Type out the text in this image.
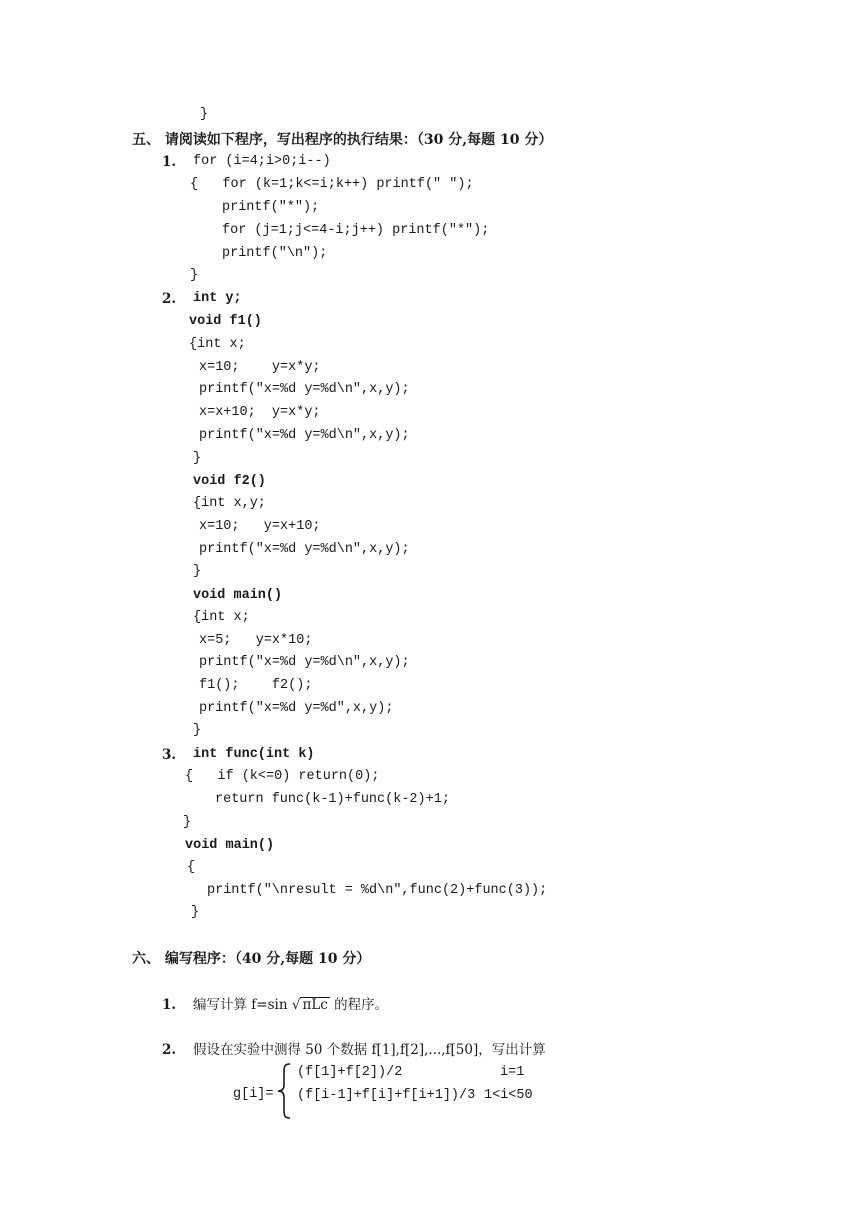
}
五、 请阅读如下程序，写出程序的执行结果：（30 分,每题 10 分）
1. for (i=4;i>0;i--)
{   for (k=1;k<=i;k++) printf(" ");
printf("*");
for (j=1;j<=4-i;j++) printf("*");
printf("\n");
}
2. int y;
void f1()
{int x;
x=10;    y=x*y;
printf("x=%d y=%d\n",x,y);
x=x+10;  y=x*y;
printf("x=%d y=%d\n",x,y);
}
void f2()
{int x,y;
x=10;   y=x+10;
printf("x=%d y=%d\n",x,y);
}
void main()
{int x;
x=5;   y=x*10;
printf("x=%d y=%d\n",x,y);
f1();    f2();
printf("x=%d y=%d",x,y);
}
3. int func(int k)
{   if (k<=0) return(0);
return func(k-1)+func(k-2)+1;
}
void main()
{
printf("\nresult = %d\n",func(2)+func(3));
}
六、 编写程序：（40 分,每题 10 分）
1. 编写计算 f=sin √ πLc 的程序。
2. 假设在实验中测得 50 个数据 f[1],f[2],...,f[50]，写出计算
g[i]=
(f[1]+f[2])/2	i=1
(f[i-1]+f[i]+f[i+1])/3 1<i<50
